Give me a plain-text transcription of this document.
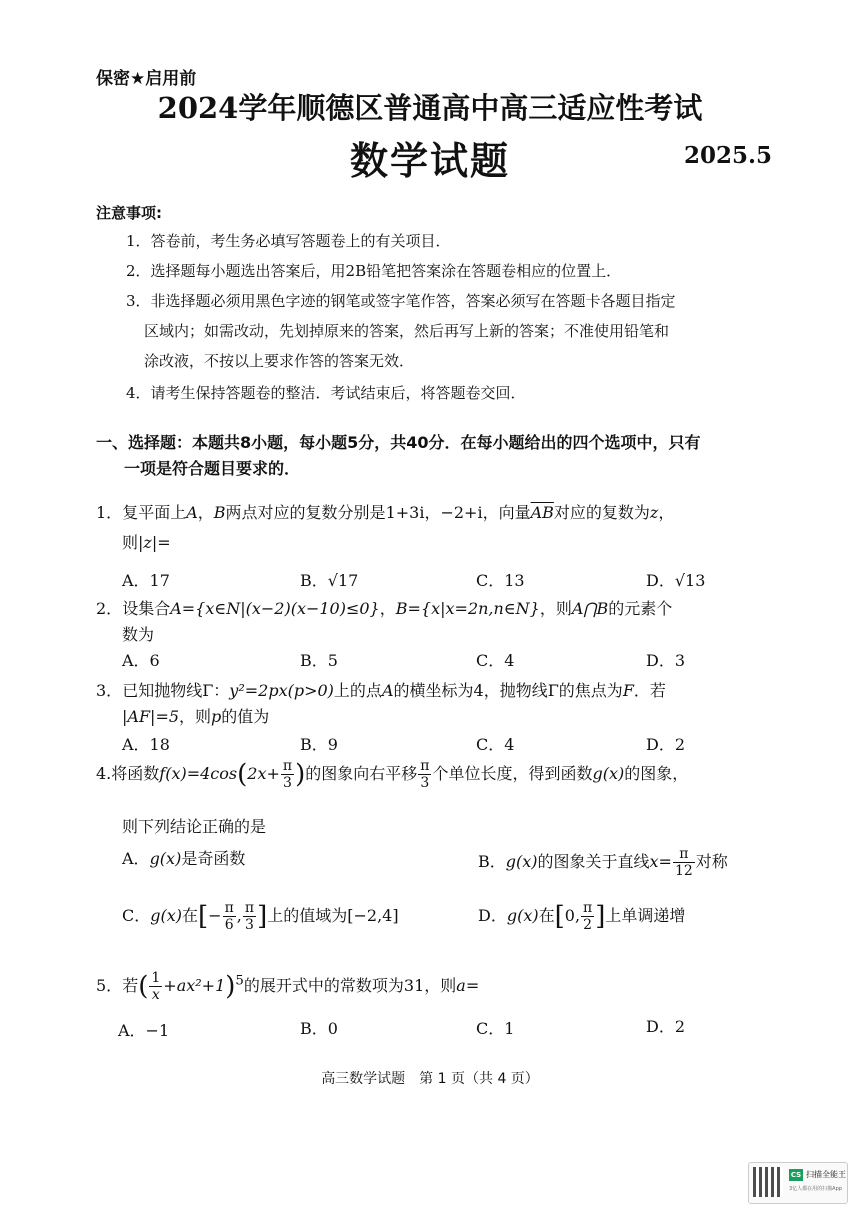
保密★启用前
2024学年顺德区普通高中高三适应性考试
数学试题	2025.5
注意事项:
1．答卷前，考生务必填写答题卷上的有关项目．
2．选择题每小题选出答案后，用2B铅笔把答案涂在答题卷相应的位置上．
3．非选择题必须用黑色字迹的钢笔或签字笔作答，答案必须写在答题卡各题目指定
区域内；如需改动，先划掉原来的答案，然后再写上新的答案；不准使用铅笔和
涂改液，不按以上要求作答的答案无效．
4．请考生保持答题卷的整洁．考试结束后，将答题卷交回．
一、选择题：本题共8小题，每小题5分，共40分．在每小题给出的四个选项中，只有
一项是符合题目要求的．
1．复平面上A，B两点对应的复数分别是1+3i，−2+i，向量$\overline{AB}$对应的复数为z，
则|z|=
A．17	B．√17	C．13	D．√13
2．设集合A={x∈N|(x−2)(x−10)≤0}，B={x|x=2n,n∈N}，则A⋂B的元素个
数为
A．6	B．5	C．4	D．3
3．已知抛物线Γ：y²=2px(p>0)上的点A的横坐标为4，抛物线Γ的焦点为F．若
|AF|=5，则p的值为
A．18	B．9	C．4	D．2
4.将函数$f(x)=4\cos(2x+ \frac{\pi}{3}$ )的图象向右平移 $\frac{\pi}{3}$ 个单位长度，得到函数g(x)的图象，
则下列结论正确的是
A．g(x)是奇函数	B．g(x)的图象关于直线$x= \frac{\pi}{12}$ 对称
C．g(x)在[− $\frac{\pi}{6}$ , $\frac{\pi}{3}$ ]上的值域为[−2,4]	D．g(x)在[0, $\frac{\pi}{2}$ ]上单调递增
5．若( $\frac{1}{x} +ax^2+1)^5$的展开式中的常数项为31，则a=
A．−1	B．0	C．1	D．2
高三数学试题　第 1 页（共 4 页）
CS 扫描全能王
3亿人都在用的扫描App
